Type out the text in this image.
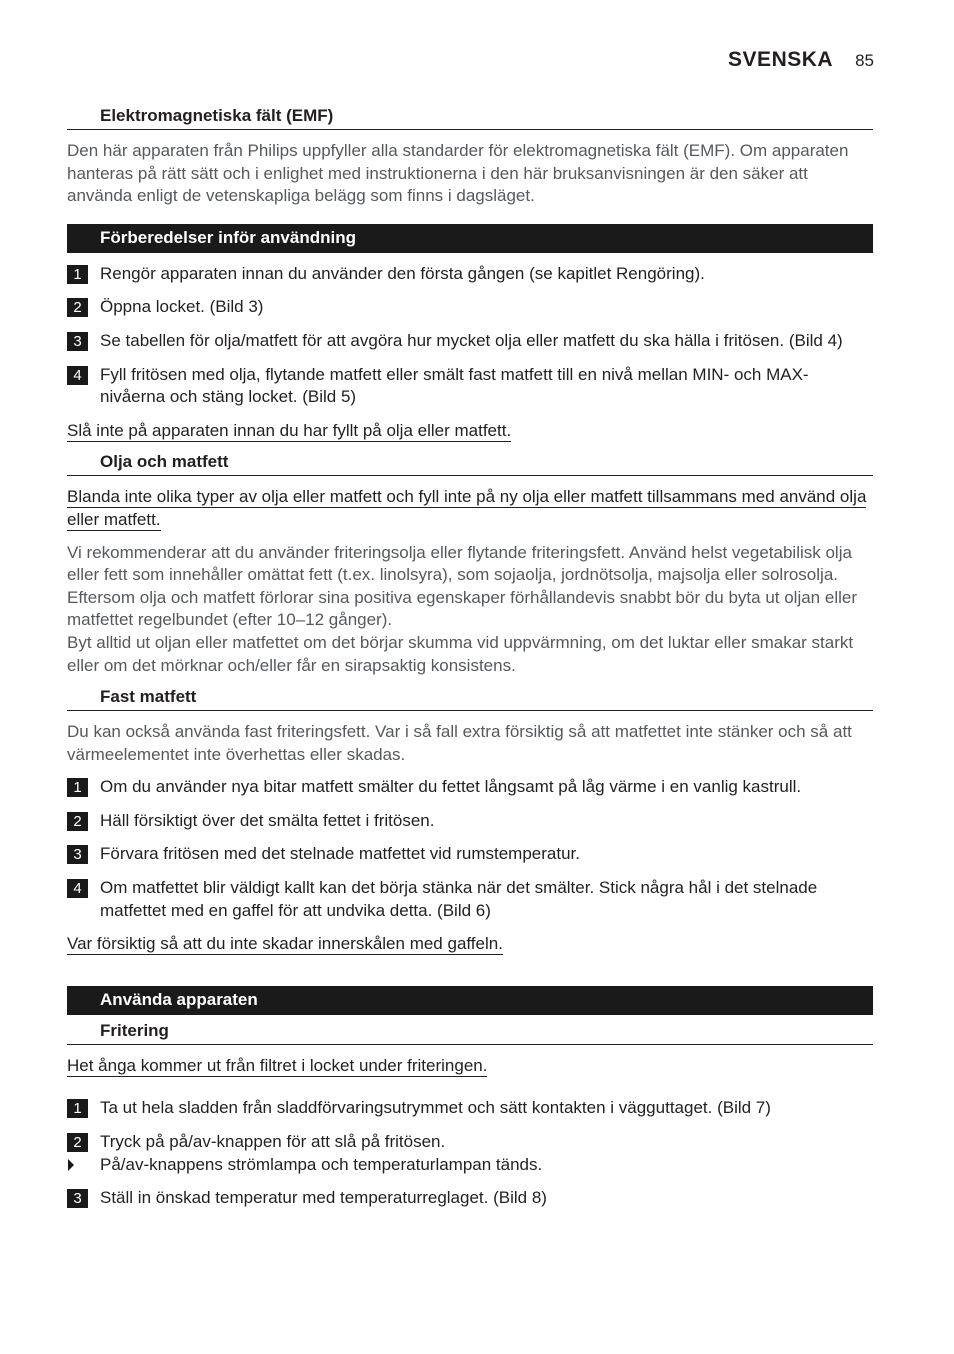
SVENSKA 85
Elektromagnetiska fält (EMF)

Den här apparaten från Philips uppfyller alla standarder för elektromagnetiska fält (EMF). Om apparaten hanteras på rätt sätt och i enlighet med instruktionerna i den här bruksanvisningen är den säker att använda enligt de vetenskapliga belägg som finns i dagsläget.

Förberedelser inför användning
1	Rengör apparaten innan du använder den första gången (se kapitlet Rengöring).
2	Öppna locket. (Bild 3)
3	Se tabellen för olja/matfett för att avgöra hur mycket olja eller matfett du ska hälla i fritösen. (Bild 4)
4	Fyll fritösen med olja, flytande matfett eller smält fast matfett till en nivå mellan MIN- och MAX-nivåerna och stäng locket. (Bild 5)

Slå inte på apparaten innan du har fyllt på olja eller matfett.

Olja och matfett

Blanda inte olika typer av olja eller matfett och fyll inte på ny olja eller matfett tillsammans med använd olja eller matfett.

Vi rekommenderar att du använder friteringsolja eller flytande friteringsfett. Använd helst vegetabilisk olja eller fett som innehåller omättat fett (t.ex. linolsyra), som sojaolja, jordnötsolja, majsolja eller solrosolja.
Eftersom olja och matfett förlorar sina positiva egenskaper förhållandevis snabbt bör du byta ut oljan eller matfettet regelbundet (efter 10–12 gånger).
Byt alltid ut oljan eller matfettet om det börjar skumma vid uppvärmning, om det luktar eller smakar starkt eller om det mörknar och/eller får en sirapsaktig konsistens.
Fast matfett

Du kan också använda fast friteringsfett. Var i så fall extra försiktig så att matfettet inte stänker och så att värmeelementet inte överhettas eller skadas.

1	Om du använder nya bitar matfett smälter du fettet långsamt på låg värme i en vanlig kastrull.
2	Häll försiktigt över det smälta fettet i fritösen.
3	Förvara fritösen med det stelnade matfettet vid rumstemperatur.
4	Om matfettet blir väldigt kallt kan det börja stänka när det smälter. Stick några hål i det stelnade matfettet med en gaffel för att undvika detta. (Bild 6)

Var försiktig så att du inte skadar innerskålen med gaffeln.

Använda apparaten
Fritering

Het ånga kommer ut från filtret i locket under friteringen.

1	Ta ut hela sladden från sladdförvaringsutrymmet och sätt kontakten i vägguttaget. (Bild 7)
2	Tryck på på/av-knappen för att slå på fritösen.
På/av-knappens strömlampa och temperaturlampan tänds.
3	Ställ in önskad temperatur med temperaturreglaget. (Bild 8)
